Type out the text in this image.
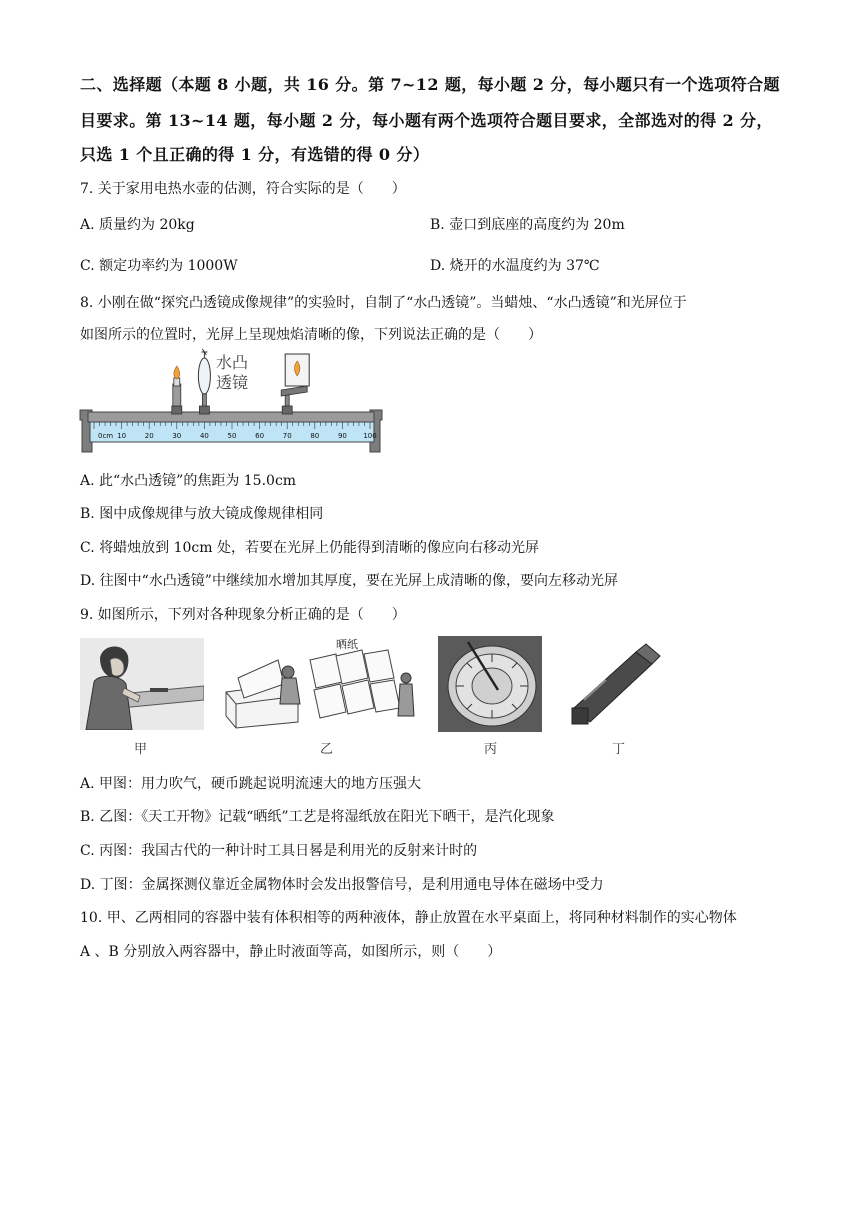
二、选择题（本题 8 小题，共 16 分。第 7~12 题，每小题 2 分，每小题只有一个选项符合题
目要求。第 13~14 题，每小题 2 分，每小题有两个选项符合题目要求，全部选对的得 2 分，
只选 1 个且正确的得 1 分，有选错的得 0 分）
7. 关于家用电热水壶的估测，符合实际的是（　　）
A. 质量约为 20kg	B. 壶口到底座的高度约为 20m
C. 额定功率约为 1000W	D. 烧开的水温度约为 37℃
8. 小刚在做“探究凸透镜成像规律”的实验时，自制了“水凸透镜”。当蜡烛、“水凸透镜”和光屏位于
如图所示的位置时，光屏上呈现烛焰清晰的像，下列说法正确的是（　　）
10	20	30	40	50	60	70	80	90 100
0cm
水凸
透镜
A. 此“水凸透镜”的焦距为 15.0cm
B. 图中成像规律与放大镜成像规律相同
C. 将蜡烛放到 10cm 处，若要在光屏上仍能得到清晰的像应向右移动光屏
D. 往图中“水凸透镜”中继续加水增加其厚度，要在光屏上成清晰的像，要向左移动光屏
9. 如图所示，下列对各种现象分析正确的是（　　）
甲
晒纸
乙	丙	丁
A. 甲图：用力吹气，硬币跳起说明流速大的地方压强大
B. 乙图：《天工开物》记载“晒纸”工艺是将湿纸放在阳光下晒干，是汽化现象
C. 丙图：我国古代的一种计时工具日晷是利用光的反射来计时的
D. 丁图：金属探测仪靠近金属物体时会发出报警信号，是利用通电导体在磁场中受力
10. 甲、乙两相同的容器中装有体积相等的两种液体，静止放置在水平桌面上，将同种材料制作的实心物体
A 、B 分别放入两容器中，静止时液面等高，如图所示，则（　　）
